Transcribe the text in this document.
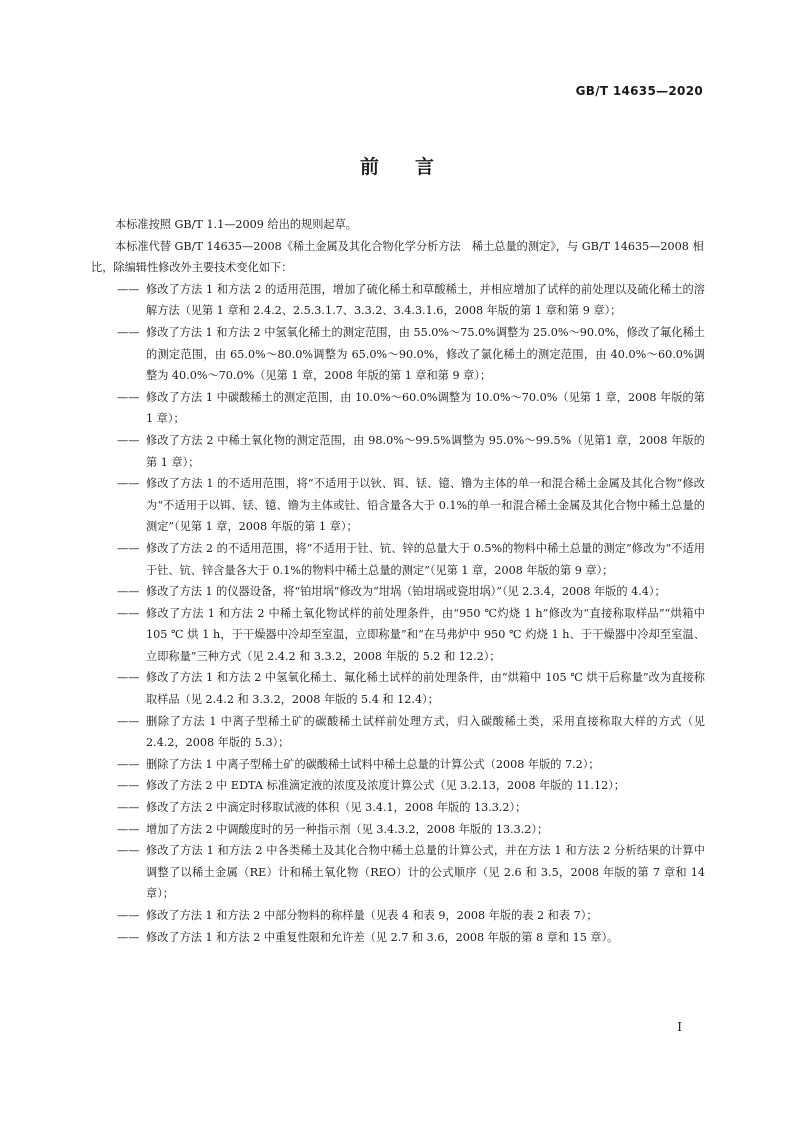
GB/T 14635—2020
前言

本标准按照 GB/T 1.1—2009 给出的规则起草。

本标准代替 GB/T 14635—2008《稀土金属及其化合物化学分析方法　稀土总量的测定》，与 GB/T 14635—2008 相比，除编辑性修改外主要技术变化如下：

—— 修改了方法 1 和方法 2 的适用范围，增加了硫化稀土和草酸稀土，并相应增加了试样的前处理以及硫化稀土的溶解方法（见第 1 章和 2.4.2、2.5.3.1.7、3.3.2、3.4.3.1.6，2008 年版的第 1 章和第 9 章）；
—— 修改了方法 1 和方法 2 中氢氧化稀土的测定范围，由 55.0%～75.0%调整为 25.0%～90.0%，修改了氟化稀土的测定范围，由 65.0%～80.0%调整为 65.0%～90.0%，修改了氯化稀土的测定范围，由 40.0%～60.0%调整为 40.0%～70.0%（见第 1 章，2008 年版的第 1 章和第 9 章）；
—— 修改了方法 1 中碳酸稀土的测定范围，由 10.0%～60.0%调整为 10.0%～70.0%（见第 1 章，2008 年版的第 1 章）；
—— 修改了方法 2 中稀土氧化物的测定范围，由 98.0%～99.5%调整为 95.0%～99.5%（见第1 章，2008 年版的第 1 章）；
—— 修改了方法 1 的不适用范围，将“不适用于以钬、铒、铥、镱、镥为主体的单一和混合稀土金属及其化合物”修改为“不适用于以铒、铥、镱、镥为主体或钍、铅含量各大于 0.1%的单一和混合稀土金属及其化合物中稀土总量的测定”（见第 1 章，2008 年版的第 1 章）；
—— 修改了方法 2 的不适用范围，将“不适用于钍、钪、锌的总量大于 0.5%的物料中稀土总量的测定”修改为“不适用于钍、钪、锌含量各大于 0.1%的物料中稀土总量的测定”（见第 1 章，2008 年版的第 9 章）；
—— 修改了方法 1 的仪器设备，将“铂坩埚”修改为“坩埚（铂坩埚或瓷坩埚）”（见 2.3.4，2008 年版的 4.4）；
—— 修改了方法 1 和方法 2 中稀土氧化物试样的前处理条件，由“950 ℃灼烧 1 h”修改为“直接称取样品”“烘箱中 105 ℃ 烘 1 h，于干燥器中冷却至室温，立即称量”和“在马弗炉中 950 ℃ 灼烧 1 h、于干燥器中冷却至室温、立即称量”三种方式（见 2.4.2 和 3.3.2，2008 年版的 5.2 和 12.2）；
—— 修改了方法 1 和方法 2 中氢氧化稀土、氟化稀土试样的前处理条件，由“烘箱中 105 ℃ 烘干后称量”改为直接称取样品（见 2.4.2 和 3.3.2，2008 年版的 5.4 和 12.4）；
—— 删除了方法 1 中离子型稀土矿的碳酸稀土试样前处理方式，归入碳酸稀土类，采用直接称取大样的方式（见 2.4.2，2008 年版的 5.3）；
—— 删除了方法 1 中离子型稀土矿的碳酸稀土试料中稀土总量的计算公式（2008 年版的 7.2）；
—— 修改了方法 2 中 EDTA 标准滴定液的浓度及浓度计算公式（见 3.2.13，2008 年版的 11.12）；
—— 修改了方法 2 中滴定时移取试液的体积（见 3.4.1，2008 年版的 13.3.2）；
—— 增加了方法 2 中调酸度时的另一种指示剂（见 3.4.3.2，2008 年版的 13.3.2）；
—— 修改了方法 1 和方法 2 中各类稀土及其化合物中稀土总量的计算公式，并在方法 1 和方法 2 分析结果的计算中调整了以稀土金属（RE）计和稀土氧化物（REO）计的公式顺序（见 2.6 和 3.5，2008 年版的第 7 章和 14 章）；
—— 修改了方法 1 和方法 2 中部分物料的称样量（见表 4 和表 9，2008 年版的表 2 和表 7）；
—— 修改了方法 1 和方法 2 中重复性限和允许差（见 2.7 和 3.6，2008 年版的第 8 章和 15 章）。
I
